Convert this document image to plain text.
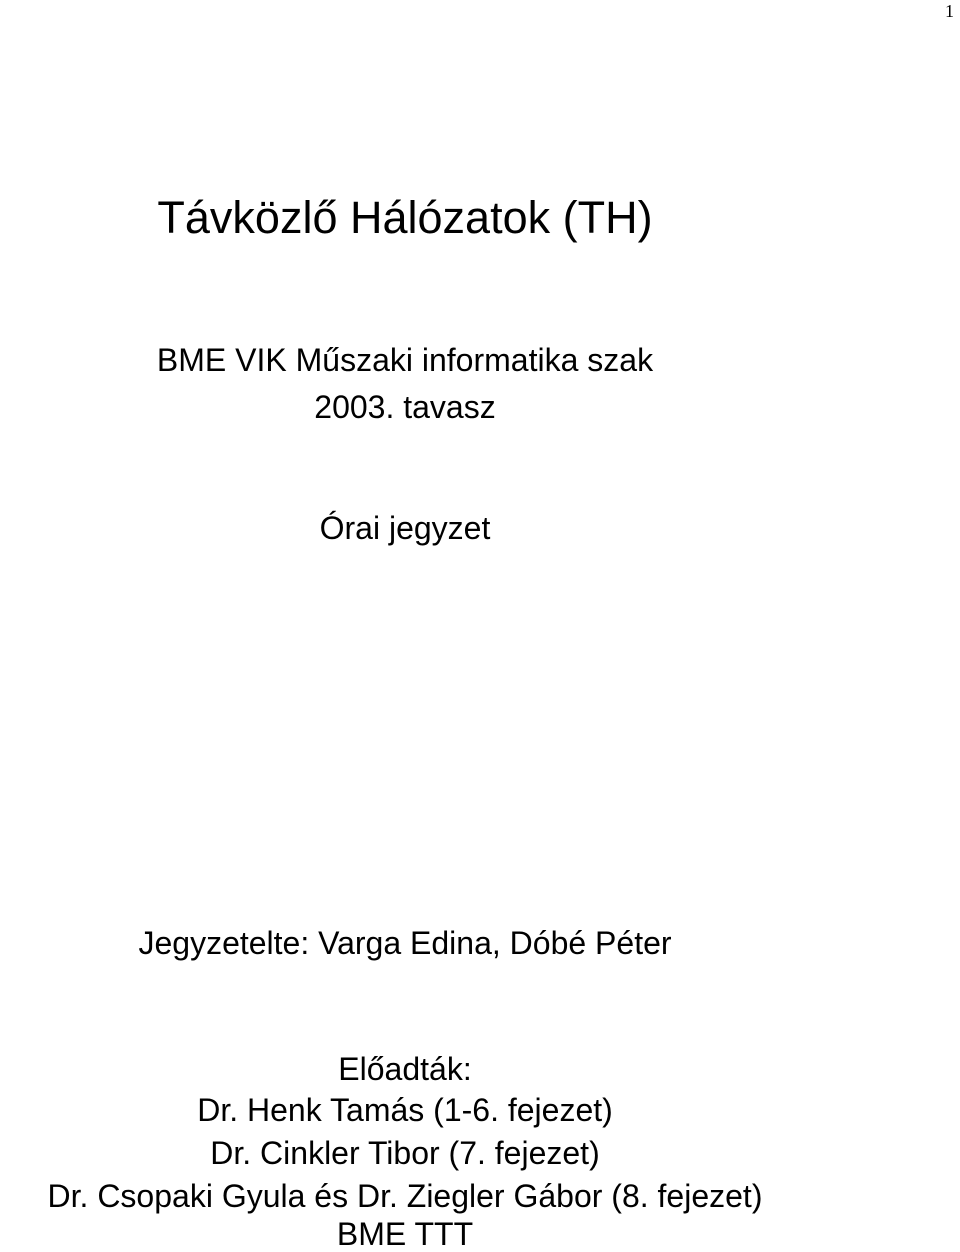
1
Távközlő Hálózatok (TH)
BME VIK Műszaki informatika szak
2003. tavasz
Órai jegyzet
Jegyzetelte: Varga Edina, Dóbé Péter
Előadták:
Dr. Henk Tamás (1-6. fejezet)
Dr. Cinkler Tibor (7. fejezet)
Dr. Csopaki Gyula és Dr. Ziegler Gábor (8. fejezet)
BME TTT
